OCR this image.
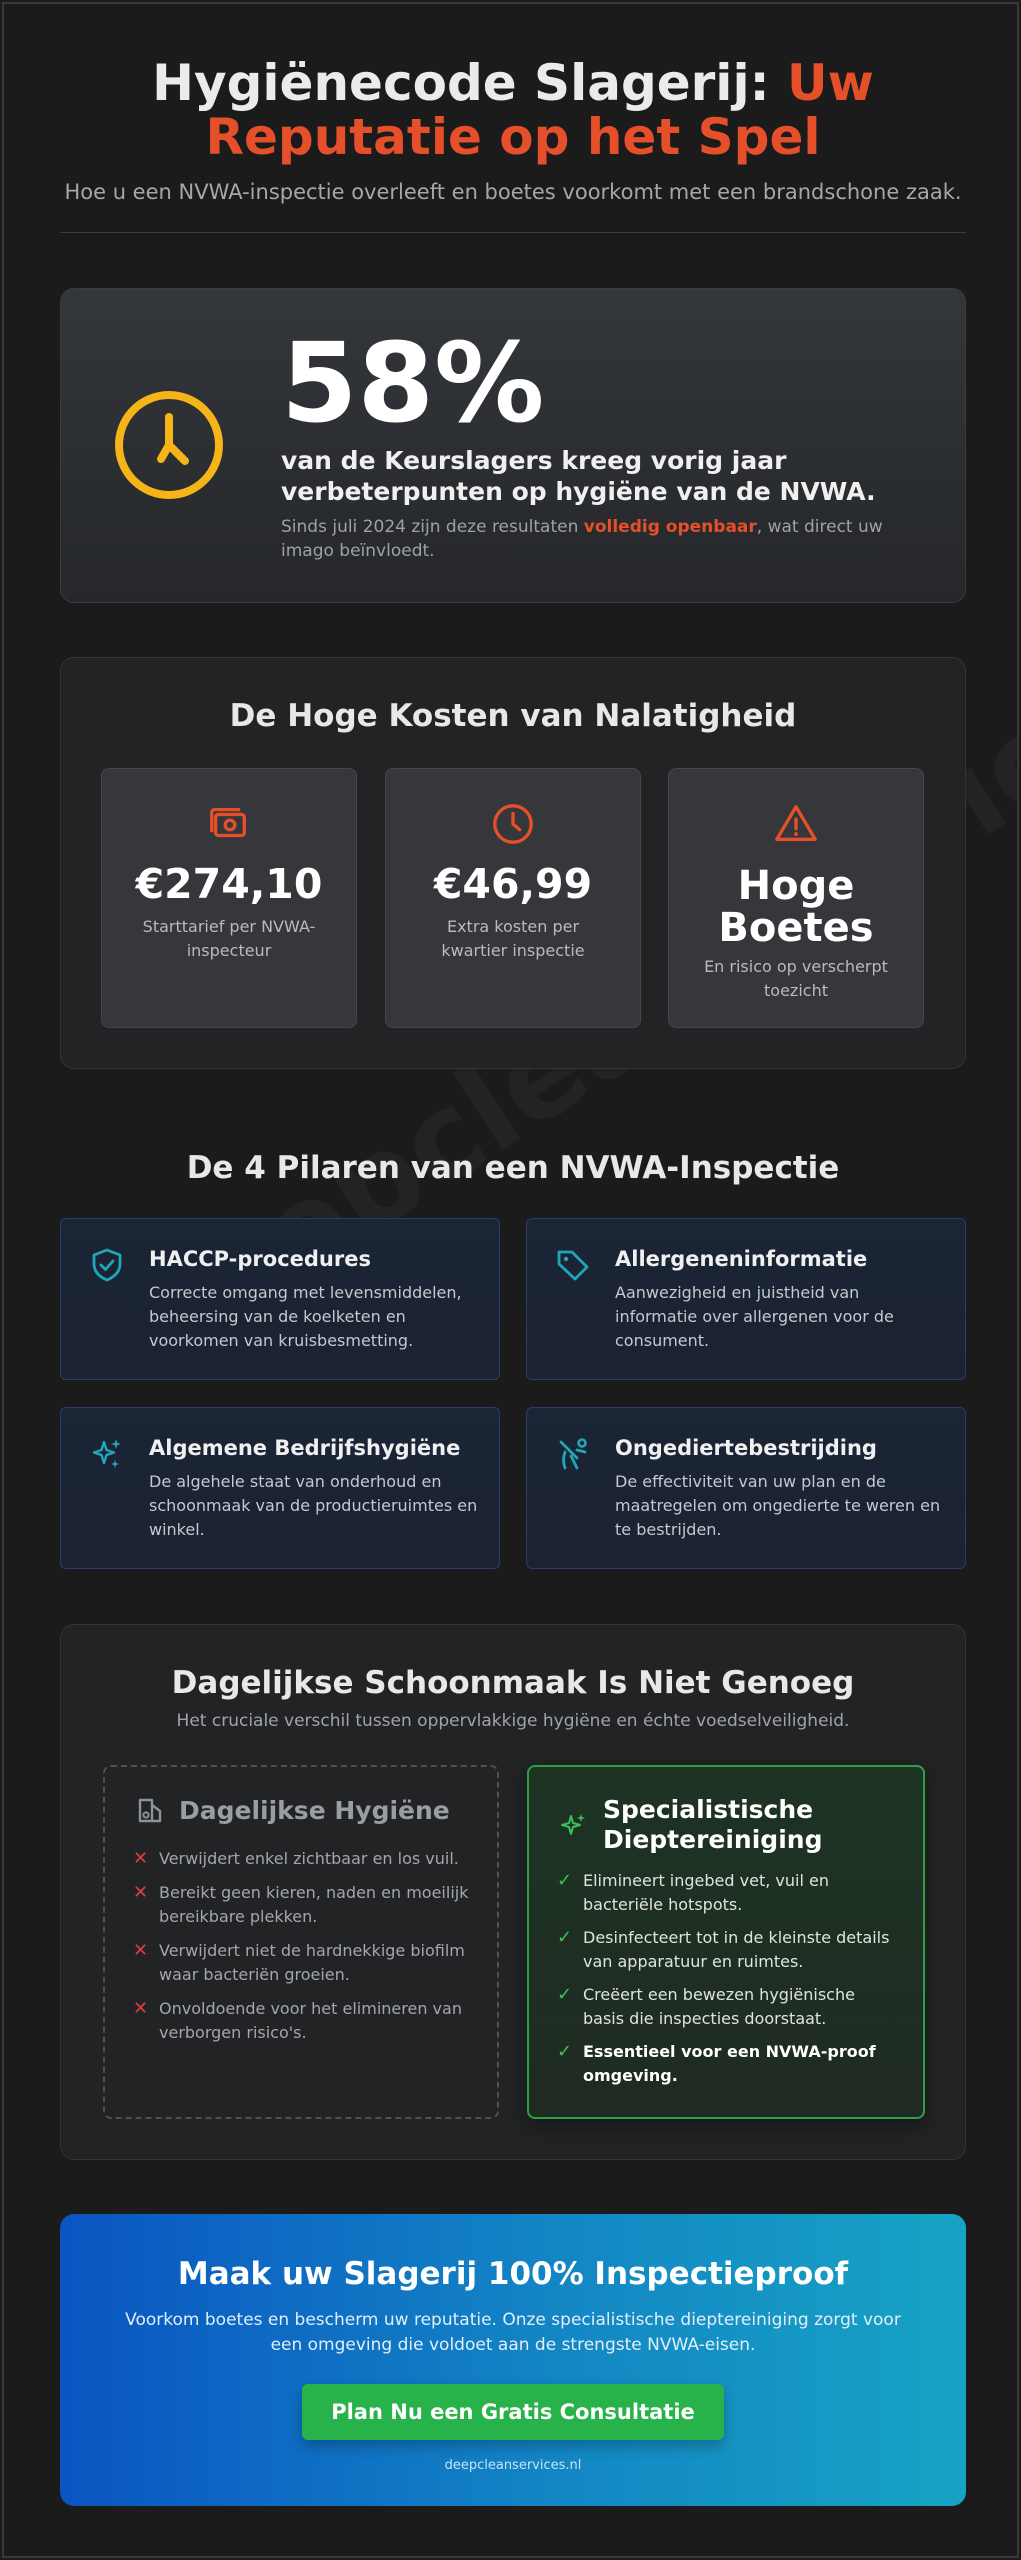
Hygiënecode Slagerij: Uw Reputatie op het Spel
Hoe u een NVWA-inspectie overleeft en boetes voorkomt met een brandschone zaak.
58%
van de Keurslagers kreeg vorig jaar verbeterpunten op hygiëne van de NVWA.
Sinds juli 2024 zijn deze resultaten volledig openbaar, wat direct uw imago beïnvloedt.
De Hoge Kosten van Nalatigheid
€274,10
Starttarief per NVWA-inspecteur
€46,99
Extra kosten per kwartier inspectie
Hoge Boetes
En risico op verscherpt toezicht
De 4 Pilaren van een NVWA-Inspectie
HACCP-procedures
Correcte omgang met levensmiddelen, beheersing van de koelketen en voorkomen van kruisbesmetting.
Allergeneninformatie
Aanwezigheid en juistheid van informatie over allergenen voor de consument.
Algemene Bedrijfshygiëne
De algehele staat van onderhoud en schoonmaak van de productieruimtes en winkel.
Ongediertebestrijding
De effectiviteit van uw plan en de maatregelen om ongedierte te weren en te bestrijden.
Dagelijkse Schoonmaak Is Niet Genoeg
Het cruciale verschil tussen oppervlakkige hygiëne en échte voedselveiligheid.
Dagelijkse Hygiëne
✕ Verwijdert enkel zichtbaar en los vuil.
✕ Bereikt geen kieren, naden en moeilijk bereikbare plekken.
✕ Verwijdert niet de hardnekkige biofilm waar bacteriën groeien.
✕ Onvoldoende voor het elimineren van verborgen risico's.
Specialistische Dieptereiniging
✓ Elimineert ingebed vet, vuil en bacteriële hotspots.
✓ Desinfecteert tot in de kleinste details van apparatuur en ruimtes.
✓ Creëert een bewezen hygiënische basis die inspecties doorstaat.
✓ Essentieel voor een NVWA-proof omgeving.
Maak uw Slagerij 100% Inspectieproof
Voorkom boetes en bescherm uw reputatie. Onze specialistische dieptereiniging zorgt voor een omgeving die voldoet aan de strengste NVWA-eisen.
Plan Nu een Gratis Consultatie
deepcleanservices.nl
